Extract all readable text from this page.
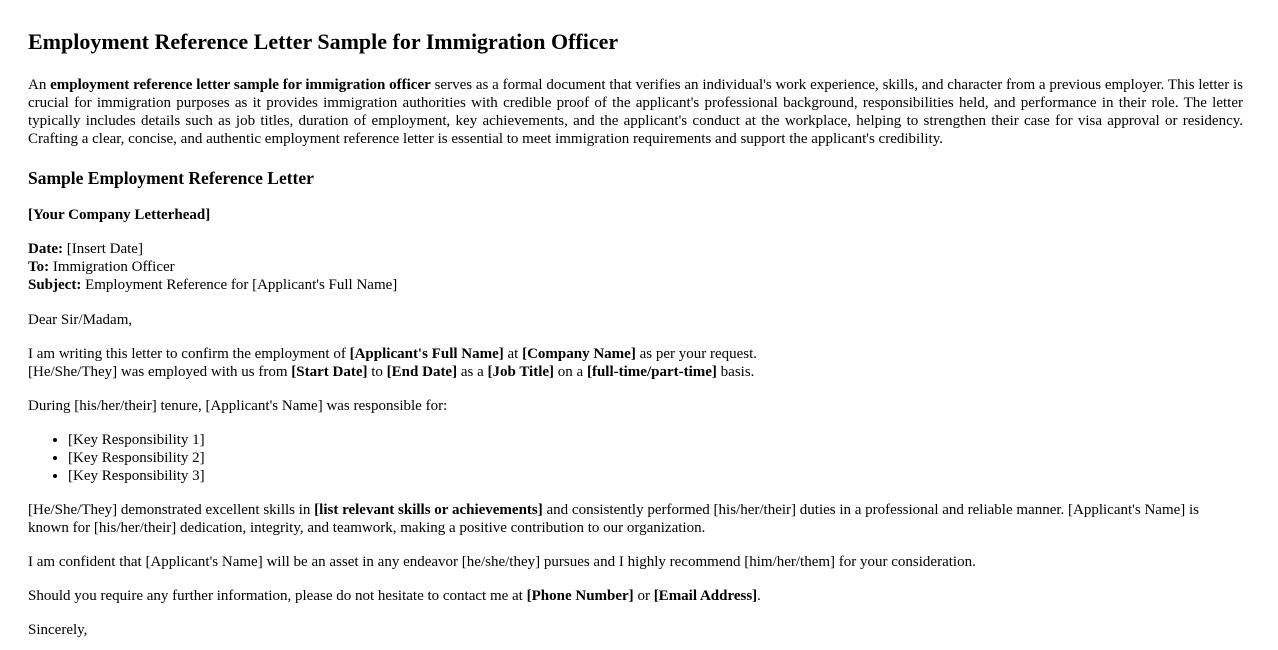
Employment Reference Letter Sample for Immigration Officer

An employment reference letter sample for immigration officer serves as a formal document that verifies an individual's work experience, skills, and character from a previous employer. This letter is crucial for immigration purposes as it provides immigration authorities with credible proof of the applicant's professional background, responsibilities held, and performance in their role. The letter typically includes details such as job titles, duration of employment, key achievements, and the applicant's conduct at the workplace, helping to strengthen their case for visa approval or residency. Crafting a clear, concise, and authentic employment reference letter is essential to meet immigration requirements and support the applicant's credibility.

Sample Employment Reference Letter

[Your Company Letterhead]

Date: [Insert Date]
To: Immigration Officer
Subject: Employment Reference for [Applicant's Full Name]

Dear Sir/Madam,

I am writing this letter to confirm the employment of [Applicant's Full Name] at [Company Name] as per your request.
[He/She/They] was employed with us from [Start Date] to [End Date] as a [Job Title] on a [full-time/part-time] basis.

During [his/her/their] tenure, [Applicant's Name] was responsible for:

• [Key Responsibility 1]
• [Key Responsibility 2]
• [Key Responsibility 3]

[He/She/They] demonstrated excellent skills in [list relevant skills or achievements] and consistently performed [his/her/their] duties in a professional and reliable manner. [Applicant's Name] is known for [his/her/their] dedication, integrity, and teamwork, making a positive contribution to our organization.

I am confident that [Applicant's Name] will be an asset in any endeavor [he/she/they] pursues and I highly recommend [him/her/them] for your consideration.

Should you require any further information, please do not hesitate to contact me at [Phone Number] or [Email Address].

Sincerely,
